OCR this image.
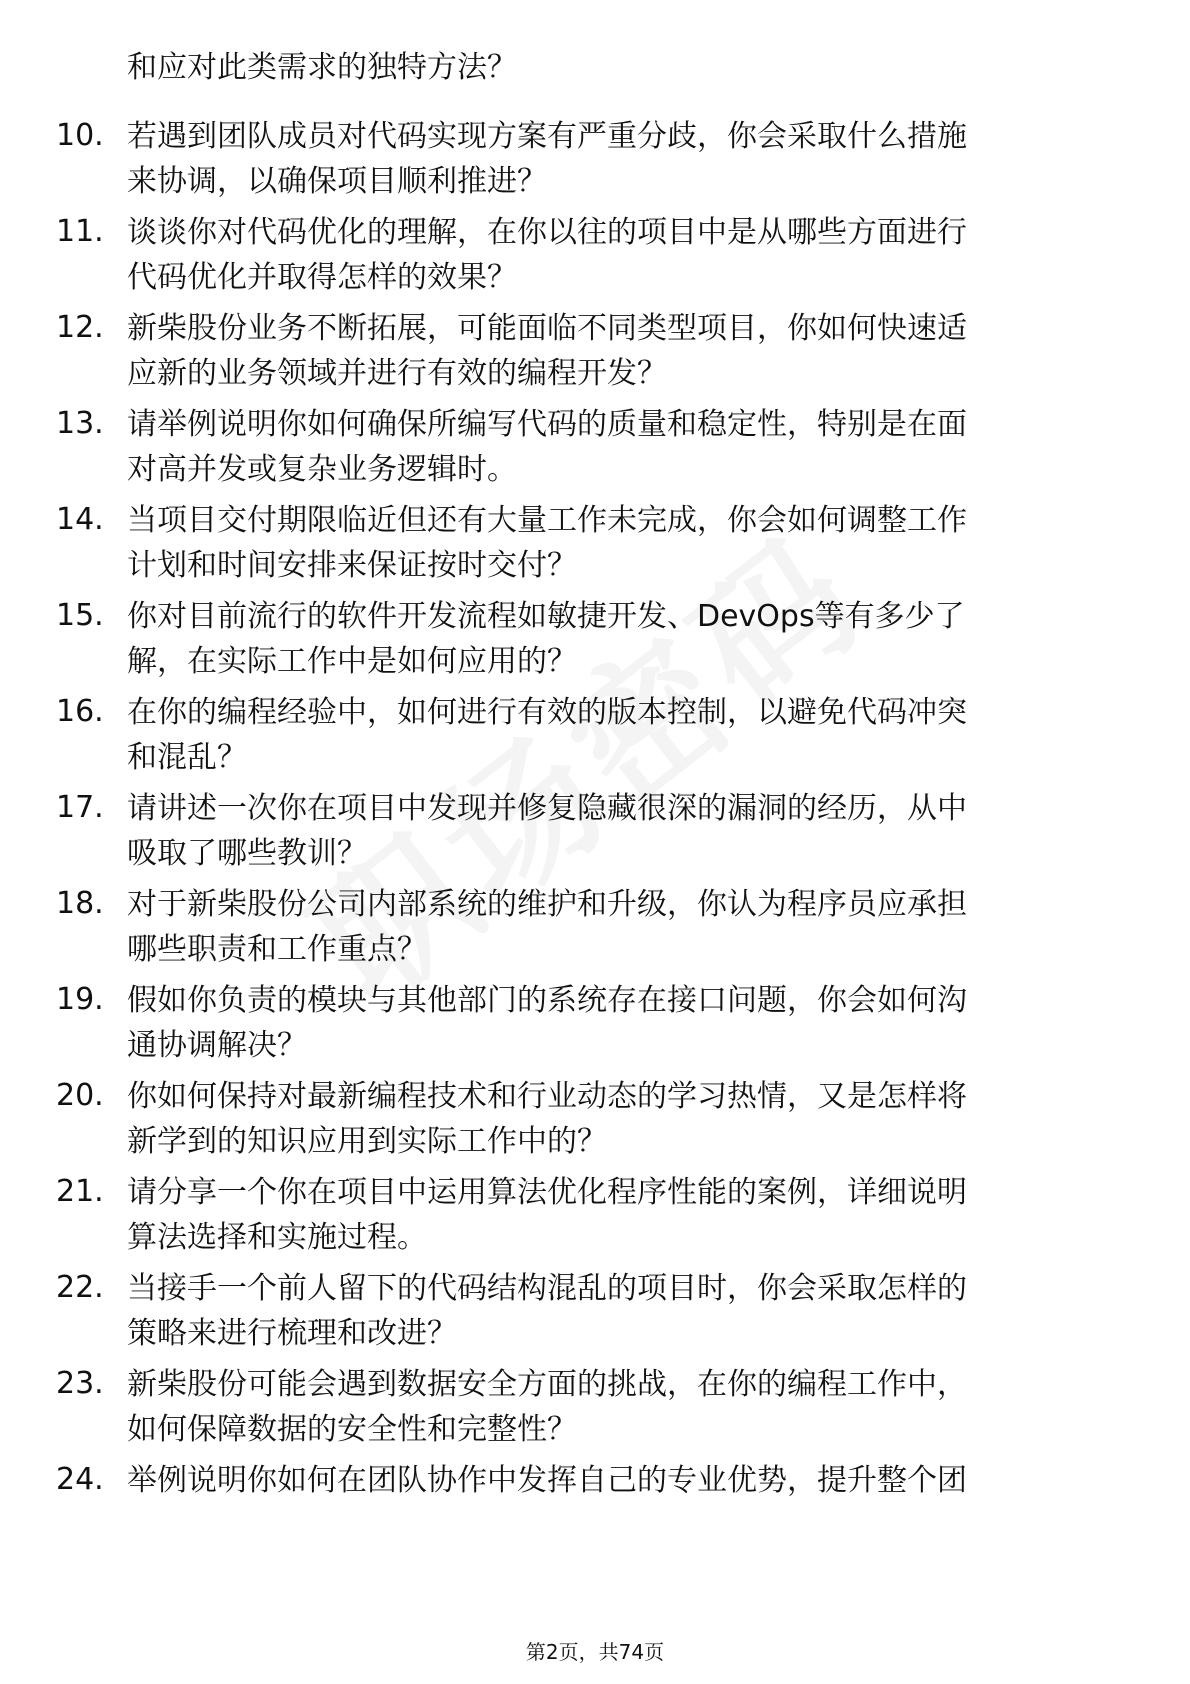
和应对此类需求的独特方法？
10. 若遇到团队成员对代码实现方案有严重分歧，你会采取什么措施
来协调，以确保项目顺利推进？
11. 谈谈你对代码优化的理解，在你以往的项目中是从哪些方面进行
代码优化并取得怎样的效果？
12. 新柴股份业务不断拓展，可能面临不同类型项目，你如何快速适
应新的业务领域并进行有效的编程开发？
13. 请举例说明你如何确保所编写代码的质量和稳定性，特别是在面
对高并发或复杂业务逻辑时。
14. 当项目交付期限临近但还有大量工作未完成，你会如何调整工作
计划和时间安排来保证按时交付？
15. 你对目前流行的软件开发流程如敏捷开发、DevOps等有多少了
解，在实际工作中是如何应用的？
16. 在你的编程经验中，如何进行有效的版本控制，以避免代码冲突
和混乱？
17. 请讲述一次你在项目中发现并修复隐藏很深的漏洞的经历，从中
吸取了哪些教训？
18. 对于新柴股份公司内部系统的维护和升级，你认为程序员应承担
哪些职责和工作重点？
19. 假如你负责的模块与其他部门的系统存在接口问题，你会如何沟
通协调解决？
20. 你如何保持对最新编程技术和行业动态的学习热情，又是怎样将
新学到的知识应用到实际工作中的？
21. 请分享一个你在项目中运用算法优化程序性能的案例，详细说明
算法选择和实施过程。
22. 当接手一个前人留下的代码结构混乱的项目时，你会采取怎样的
策略来进行梳理和改进？
23. 新柴股份可能会遇到数据安全方面的挑战，在你的编程工作中，
如何保障数据的安全性和完整性？
24. 举例说明你如何在团队协作中发挥自己的专业优势，提升整个团
第2页，共74页
